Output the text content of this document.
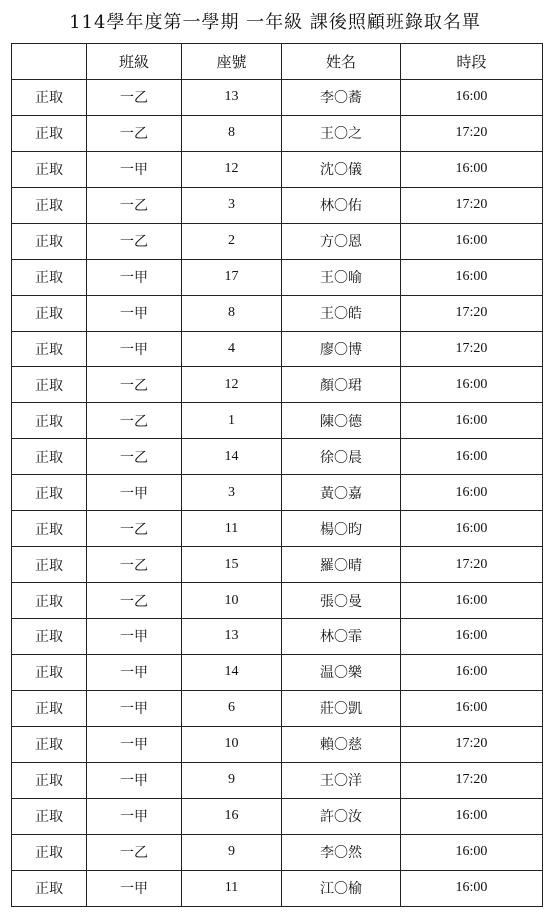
114學年度第一學期 一年級 課後照顧班錄取名單
	班級	座號	姓名	時段
正取	一乙	13	李〇蕎	16:00
正取	一乙	8	王〇之	17:20
正取	一甲	12	沈〇儀	16:00
正取	一乙	3	林〇佑	17:20
正取	一乙	2	方〇恩	16:00
正取	一甲	17	王〇喻	16:00
正取	一甲	8	王〇皓	17:20
正取	一甲	4	廖〇博	17:20
正取	一乙	12	顏〇珺	16:00
正取	一乙	1	陳〇德	16:00
正取	一乙	14	徐〇晨	16:00
正取	一甲	3	黃〇嘉	16:00
正取	一乙	11	楊〇昀	16:00
正取	一乙	15	羅〇晴	17:20
正取	一乙	10	張〇曼	16:00
正取	一甲	13	林〇霏	16:00
正取	一甲	14	温〇樂	16:00
正取	一甲	6	莊〇凱	16:00
正取	一甲	10	賴〇慈	17:20
正取	一甲	9	王〇洋	17:20
正取	一甲	16	許〇汝	16:00
正取	一乙	9	李〇然	16:00
正取	一甲	11	江〇榆	16:00
